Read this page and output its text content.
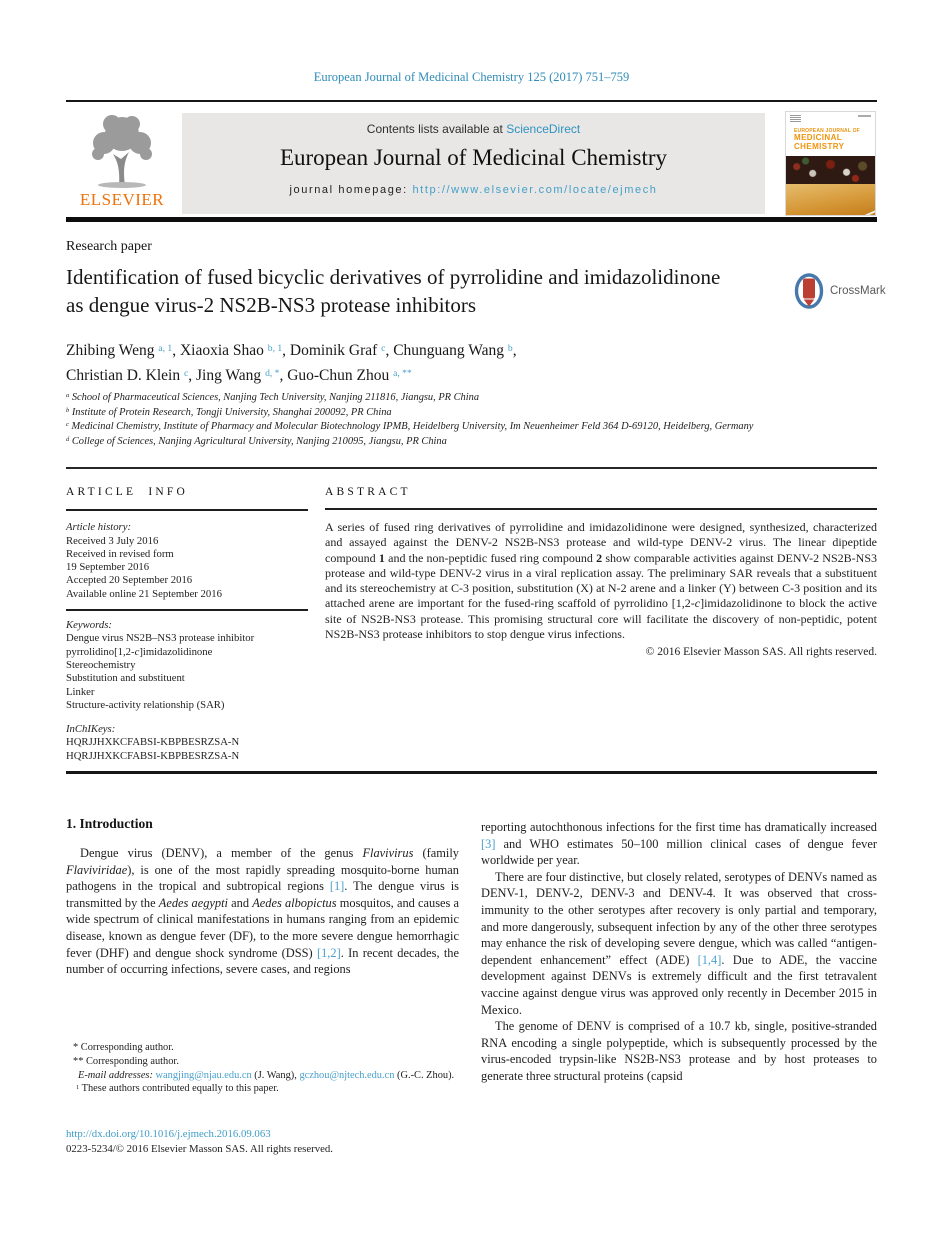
European Journal of Medicinal Chemistry 125 (2017) 751–759
ELSEVIER
Contents lists available at ScienceDirect
European Journal of Medicinal Chemistry
journal homepage: http://www.elsevier.com/locate/ejmech
EUROPEAN JOURNAL OF
MEDICINAL
CHEMISTRY
Research paper
Identification of fused bicyclic derivatives of pyrrolidine and imidazolidinone as dengue virus-2 NS2B-NS3 protease inhibitors
CrossMark
Zhibing Weng $^{a, 1}$, Xiaoxia Shao $^{b, 1}$, Dominik Graf $^c$, Chunguang Wang $^b$,
Christian D. Klein $^c$, Jing Wang $^{d, *}$, Guo-Chun Zhou $^{a, **}$
$^a$ School of Pharmaceutical Sciences, Nanjing Tech University, Nanjing 211816, Jiangsu, PR China
$^b$ Institute of Protein Research, Tongji University, Shanghai 200092, PR China
$^c$ Medicinal Chemistry, Institute of Pharmacy and Molecular Biotechnology IPMB, Heidelberg University, Im Neuenheimer Feld 364 D-69120, Heidelberg, Germany
$^d$ College of Sciences, Nanjing Agricultural University, Nanjing 210095, Jiangsu, PR China
ARTICLE INFO
Article history:
Received 3 July 2016
Received in revised form
19 September 2016
Accepted 20 September 2016
Available online 21 September 2016
Keywords:
Dengue virus NS2B–NS3 protease inhibitor
pyrrolidino[1,2-c]imidazolidinone
Stereochemistry
Substitution and substituent
Linker
Structure-activity relationship (SAR)
InChIKeys:
HQRJJHXKCFABSI-KBPBESRZSA-N
HQRJJHXKCFABSI-KBPBESRZSA-N
ABSTRACT

A series of fused ring derivatives of pyrrolidine and imidazolidinone were designed, synthesized, characterized and assayed against the DENV-2 NS2B-NS3 protease and wild-type DENV-2 virus. The linear dipeptide compound 1 and the non-peptidic fused ring compound 2 show comparable activities against DENV-2 NS2B-NS3 protease and wild-type DENV-2 virus in a viral replication assay. The preliminary SAR reveals that a substituent and its stereochemistry at C-3 position, substitution (X) at N-2 arene and a linker (Y) between C-3 position and its attached arene are important for the fused-ring scaffold of pyrrolidino [1,2-c]imidazolidinone to block the active site of NS2B-NS3 protease. This promising structural core will facilitate the discovery of non-peptidic, potent NS2B-NS3 protease inhibitors to stop dengue virus infections.

© 2016 Elsevier Masson SAS. All rights reserved.
1. Introduction

Dengue virus (DENV), a member of the genus Flavivirus (family Flaviviridae), is one of the most rapidly spreading mosquito-borne human pathogens in the tropical and subtropical regions [1]. The dengue virus is transmitted by the Aedes aegypti and Aedes albopictus mosquitos, and causes a wide spectrum of clinical manifestations in humans ranging from an epidemic disease, known as dengue fever (DF), to the more severe dengue hemorrhagic fever (DHF) and dengue shock syndrome (DSS) [1,2]. In recent decades, the number of occurring infections, severe cases, and regions

reporting autochthonous infections for the first time has dramatically increased [3] and WHO estimates 50–100 million clinical cases of dengue fever worldwide per year.

There are four distinctive, but closely related, serotypes of DENVs named as DENV-1, DENV-2, DENV-3 and DENV-4. It was observed that cross-immunity to the other serotypes after recovery is only partial and temporary, and more dangerously, subsequent infection by any of the other three serotypes may enhance the risk of developing severe dengue, which was called “antigen-dependent enhancement” effect (ADE) [1,4]. Due to ADE, the vaccine development against DENVs is extremely difficult and the first tetravalent vaccine against dengue virus was approved only recently in December 2015 in Mexico.

The genome of DENV is comprised of a 10.7 kb, single, positive-stranded RNA encoding a single polypeptide, which is subsequently processed by the virus-encoded trypsin-like NS2B-NS3 protease and by host proteases to generate three structural proteins (capsid

* Corresponding author.
** Corresponding author.
E-mail addresses: wangjing@njau.edu.cn (J. Wang), gczhou@njtech.edu.cn (G.-C. Zhou).
$^1$ These authors contributed equally to this paper.
http://dx.doi.org/10.1016/j.ejmech.2016.09.063
0223-5234/© 2016 Elsevier Masson SAS. All rights reserved.
